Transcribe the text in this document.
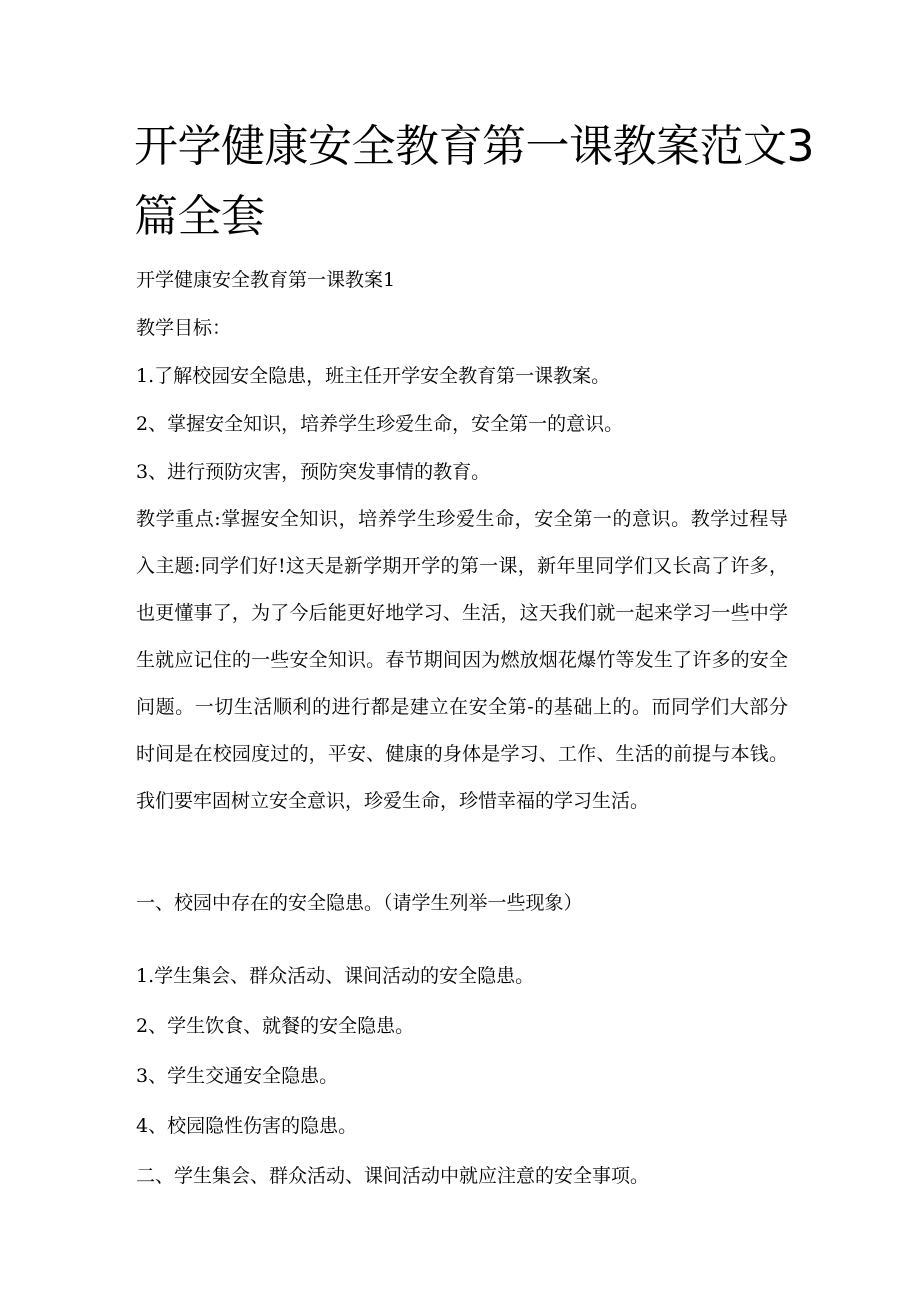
开学健康安全教育第一课教案范文3篇全套

开学健康安全教育第一课教案1

教学目标：

1.了解校园安全隐患，班主任开学安全教育第一课教案。

2、掌握安全知识，培养学生珍爱生命，安全第一的意识。

3、进行预防灾害，预防突发事情的教育。

教学重点:掌握安全知识，培养学生珍爱生命，安全第一的意识。教学过程导入主题:同学们好!这天是新学期开学的第一课，新年里同学们又长高了许多，也更懂事了，为了今后能更好地学习、生活，这天我们就一起来学习一些中学生就应记住的一些安全知识。春节期间因为燃放烟花爆竹等发生了许多的安全问题。一切生活顺利的进行都是建立在安全第-的基础上的。而同学们大部分时间是在校园度过的，平安、健康的身体是学习、工作、生活的前提与本钱。我们要牢固树立安全意识，珍爱生命，珍惜幸福的学习生活。

一、校园中存在的安全隐患。（请学生列举一些现象）

1.学生集会、群众活动、课间活动的安全隐患。

2、学生饮食、就餐的安全隐患。

3、学生交通安全隐患。

4、校园隐性伤害的隐患。

二、学生集会、群众活动、课间活动中就应注意的安全事项。
